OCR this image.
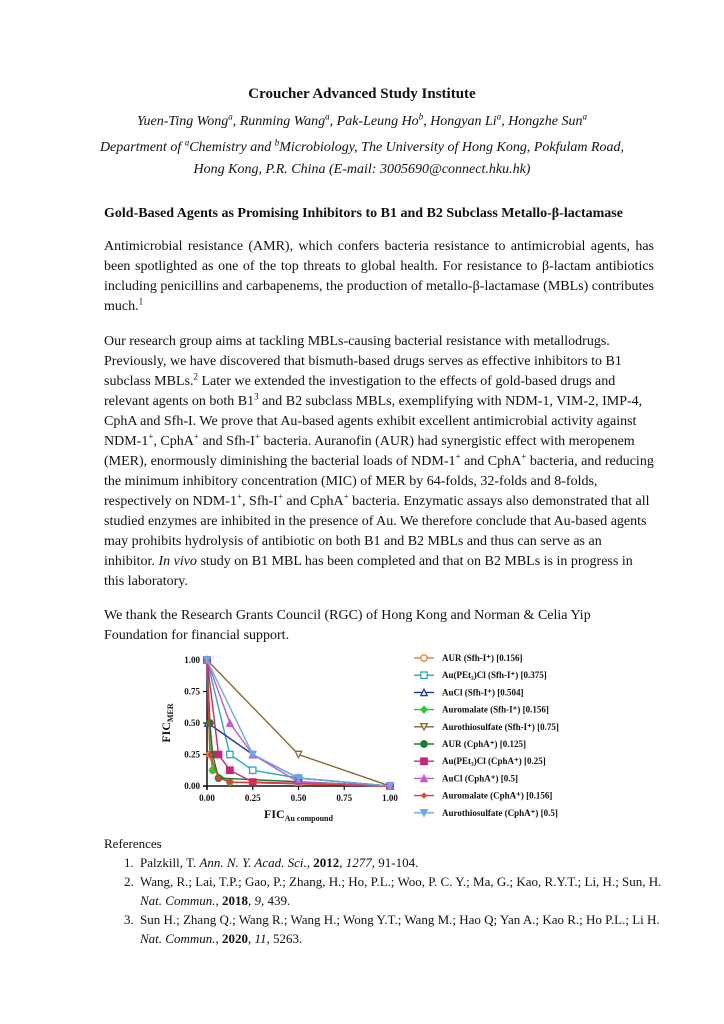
Croucher Advanced Study Institute
Yuen-Ting Wong$^a$, Runming Wang$^a$, Pak-Leung Ho$^b$, Hongyan Li$^a$, Hongzhe Sun$^a$
Department of $^a$Chemistry and $^b$Microbiology, The University of Hong Kong, Pokfulam Road,
Hong Kong, P.R. China (E-mail: 3005690@connect.hku.hk)
Gold-Based Agents as Promising Inhibitors to B1 and B2 Subclass Metallo-β-lactamase
Antimicrobial resistance (AMR), which confers bacteria resistance to antimicrobial agents, has been spotlighted as one of the top threats to global health. For resistance to β-lactam antibiotics including penicillins and carbapenems, the production of metallo-β-lactamase (MBLs) contributes much.$^1$
Our research group aims at tackling MBLs-causing bacterial resistance with metallodrugs. Previously, we have discovered that bismuth-based drugs serves as effective inhibitors to B1 subclass MBLs.$^2$ Later we extended the investigation to the effects of gold-based drugs and relevant agents on both $B1^3$ and B2 subclass MBLs, exemplifying with NDM-1, VIM-2, IMP-4, CphA and Sfh-I. We prove that Au-based agents exhibit excellent antimicrobial activity against NDM-1+, CphA+ and Sfh-I+ bacteria. Auranofin (AUR) had synergistic effect with meropenem (MER), enormously diminishing the bacterial loads of NDM-1+ and CphA+ bacteria, and reducing the minimum inhibitory concentration (MIC) of MER by 64-folds, 32-folds and 8-folds, respectively on NDM-1+, Sfh-I+ and CphA+ bacteria. Enzymatic assays also demonstrated that all studied enzymes are inhibited in the presence of Au. We therefore conclude that Au-based agents may prohibits hydrolysis of antibiotic on both B1 and B2 MBLs and thus can serve as an inhibitor. In vivo study on B1 MBL has been completed and that on B2 MBLs is in progress in this laboratory.
We thank the Research Grants Council (RGC) of Hong Kong and Norman & Celia Yip Foundation for financial support.
0.00
0.25
0.50
0.75
1.00
0.00	0.25	0.50	0.75	1.00
$FIC_{Au compound}$
$FIC_{MER}$
AUR (Sfh-I⁺) [0.156]
Au(PEt₃)Cl (Sfh-I⁺) [0.375]
AuCl (Sfh-I⁺) [0.504]
Auromalate (Sfh-I⁺) [0.156]
Aurothiosulfate (Sfh-I⁺) [0.75]
AUR (CphA⁺) [0.125]
Au(PEt₃)Cl (CphA⁺) [0.25]
AuCl (CphA⁺) [0.5]
Auromalate (CphA⁺) [0.156]
Aurothiosulfate (CphA⁺) [0.5]
References
1. Palzkill, T. Ann. N. Y. Acad. Sci., 2012, 1277, 91-104.
2. Wang, R.; Lai, T.P.; Gao, P.; Zhang, H.; Ho, P.L.; Woo, P. C. Y.; Ma, G.; Kao, R.Y.T.; Li, H.; Sun, H. Nat. Commun., 2018, 9, 439.
3. Sun H.; Zhang Q.; Wang R.; Wang H.; Wong Y.T.; Wang M.; Hao Q; Yan A.; Kao R.; Ho P.L.; Li H. Nat. Commun., 2020, 11, 5263.
